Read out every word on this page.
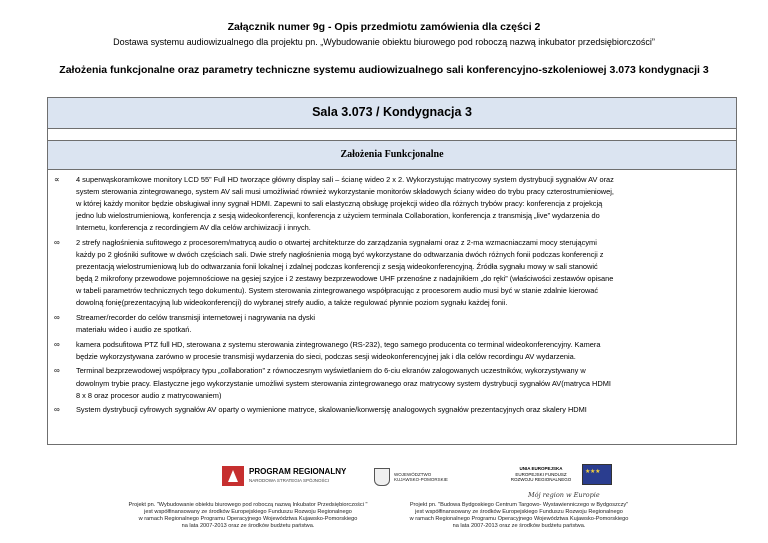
Załącznik numer 9g - Opis przedmiotu zamówienia dla części 2
Dostawa systemu audiowizualnego dla projektu pn. „Wybudowanie obiektu biurowego pod roboczą nazwą inkubator przedsiębiorczości”
Założenia funkcjonalne oraz parametry techniczne systemu audiowizualnego sali konferencyjno-szkoleniowej 3.073 kondygnacji 3
Sala 3.073 / Kondygnacja 3
Założenia Funkcjonalne
∝	4 superwąskoramkowe monitory LCD 55” Full HD tworzące główny display sali – ścianę wideo 2 x 2. Wykorzystując matrycowy system dystrybucji sygnałów AV oraz
system sterowania zintegrowanego, system AV sali musi umożliwiać również wykorzystanie monitorów składowych ściany wideo do trybu pracy czterostrumieniowej,
w której każdy monitor będzie obsługiwał inny sygnał HDMI. Zapewni to sali elastyczną obsługę projekcji wideo dla różnych trybów pracy: konferencja z projekcją
jedno lub wielostrumieniową, konferencja z sesją wideokonferencji, konferencja z użyciem terminala Collaboration, konferencja z transmisją „live” wydarzenia do
Internetu, konferencja z recordingiem AV dla celów archiwizacji i innych.
∞	2 strefy nagłośnienia sufitowego z procesorem/matrycą audio o otwartej architekturze do zarządzania sygnałami oraz z 2-ma wzmacniaczami mocy sterującymi
każdy po 2 głośniki sufitowe w dwóch częściach sali. Dwie strefy nagłośnienia mogą być wykorzystane do odtwarzania dwóch różnych fonii podczas konferencji z
prezentacją wielostrumieniową lub do odtwarzania fonii lokalnej i zdalnej podczas konferencji z sesją wideokonferencyjną. Źródła sygnału mowy w sali stanowić
będą 2 mikrofony przewodowe pojemnościowe na gęsiej szyjce i 2 zestawy bezprzewodowe UHF przenośne z nadajnikiem „do ręki” (właściwości zestawów opisane
w tabeli parametrów technicznych tego dokumentu). System sterowania zintegrowanego współpracując z procesorem audio musi być w stanie zdalnie kierować
dowolną fonię(prezentacyjną lub wideokonferencji) do wybranej strefy audio, a także regulować płynnie poziom sygnału każdej fonii.
∞	Streamer/recorder do celów transmisji internetowej i nagrywania na dyski
materiału wideo i audio ze spotkań.
∞	kamera podsufitowa PTZ full HD, sterowana z systemu sterowania zintegrowanego (RS-232), tego samego producenta co terminal wideokonferencyjny. Kamera
będzie wykorzystywana zarówno w procesie transmisji wydarzenia do sieci, podczas sesji wideokonferencyjnej jak i dla celów recordingu AV wydarzenia.
∞	Terminal bezprzewodowej współpracy typu „collaboration” z równoczesnym wyświetlaniem do 6-ciu ekranów zalogowanych uczestników, wykorzystywany w
dowolnym trybie pracy. Elastyczne jego wykorzystanie umożliwi system sterowania zintegrowanego oraz matrycowy system dystrybucji sygnałów AV(matryca HDMI
8 x 8 oraz procesor audio z matrycowaniem)
∞	System dystrybucji cyfrowych sygnałów AV oparty o wymienione matrycе, skalowanie/konwersję analogowych sygnałów prezentacyjnych oraz skalery HDMI
PROGRAM REGIONALNY
NARODOWA STRATEGIA SPÓJNOŚCI
WOJEWÓDZTWO
KUJAWSKO-POMORSKIE
UNIA EUROPEJSKA
EUROPEJSKI FUNDUSZ
ROZWOJU REGIONALNEGO
★ ★ ★
Mój region w Europie
Projekt pn. "Wybudowanie obiektu biurowego pod roboczą nazwą Inkubator Przedsiębiorczości "
jest współfinansowany ze środków Europejskiego Funduszu Rozwoju Regionalnego
w ramach Regionalnego Programu Operacyjnego Województwa Kujawsko-Pomorskiego
na lata 2007-2013 oraz ze środków budżetu państwa.
Projekt pn. "Budowa Bydgoskiego Centrum Targowo- Wystawienniczego w Bydgoszczy"
jest współfinansowany ze środków Europejskiego Funduszu Rozwoju Regionalnego
w ramach Regionalnego Programu Operacyjnego Województwa Kujawsko-Pomorskiego
na lata 2007-2013 oraz ze środków budżetu państwa.
